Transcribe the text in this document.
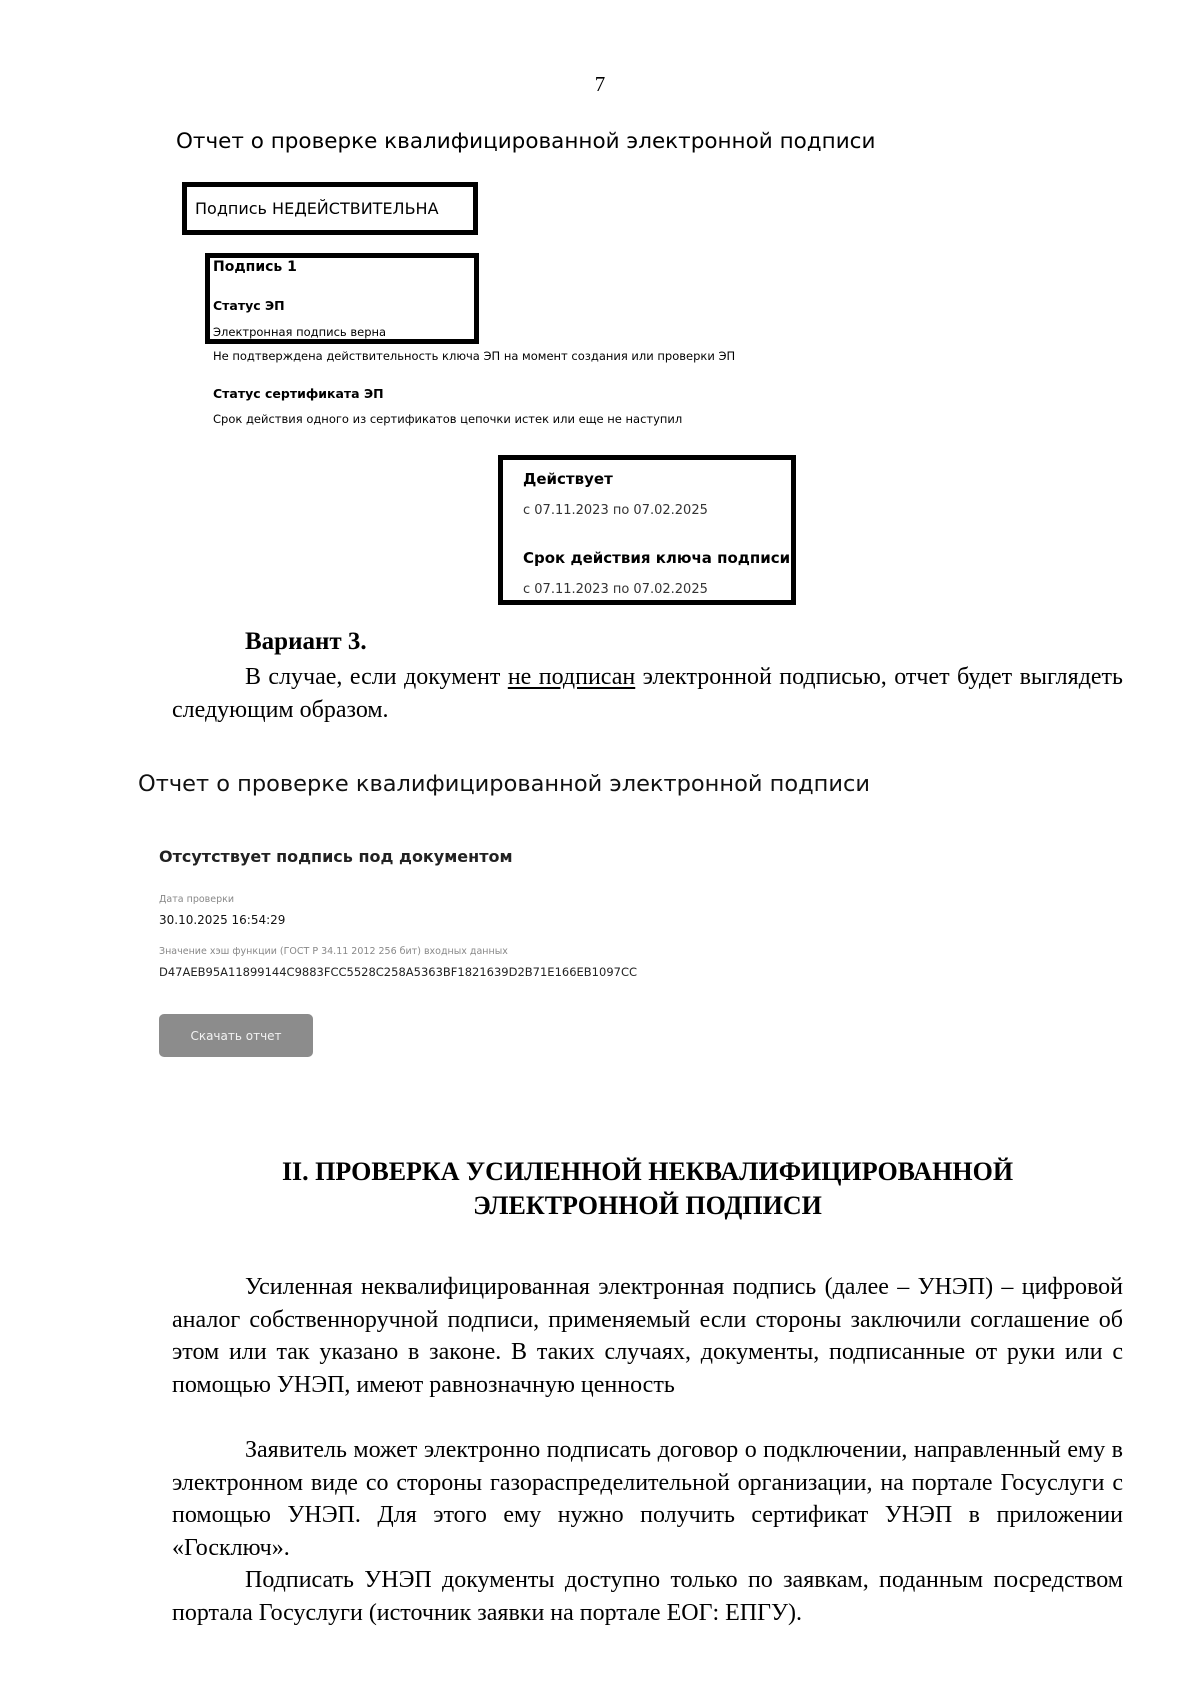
7
Отчет о проверке квалифицированной электронной подписи
Подпись НЕДЕЙСТВИТЕЛЬНА
Подпись 1
Статус ЭП
Электронная подпись верна
Не подтверждена действительность ключа ЭП на момент создания или проверки ЭП
Статус сертификата ЭП
Срок действия одного из сертификатов цепочки истек или еще не наступил
Действует
с 07.11.2023 по 07.02.2025
Срок действия ключа подписи
с 07.11.2023 по 07.02.2025
Вариант 3.
В случае, если документ не подписан электронной подписью, отчет будет выглядеть следующим образом.
Отчет о проверке квалифицированной электронной подписи
Отсутствует подпись под документом
Дата проверки
30.10.2025 16:54:29
Значение хэш функции (ГОСТ Р 34.11 2012 256 бит) входных данных
D47AEB95A11899144C9883FCC5528C258A5363BF1821639D2B71E166EB1097CC
Скачать отчет
II. ПРОВЕРКА УСИЛЕННОЙ НЕКВАЛИФИЦИРОВАННОЙ
ЭЛЕКТРОННОЙ ПОДПИСИ
Усиленная неквалифицированная электронная подпись (далее – УНЭП) – цифровой аналог собственноручной подписи, применяемый если стороны заключили соглашение об этом или так указано в законе. В таких случаях, документы, подписанные от руки или с помощью УНЭП, имеют равнозначную ценность
Заявитель может электронно подписать договор о подключении, направленный ему в электронном виде со стороны газораспределительной организации, на портале Госуслуги с помощью УНЭП. Для этого ему нужно получить сертификат УНЭП в приложении «Госключ».
Подписать УНЭП документы доступно только по заявкам, поданным посредством портала Госуслуги (источник заявки на портале ЕОГ: ЕПГУ).
